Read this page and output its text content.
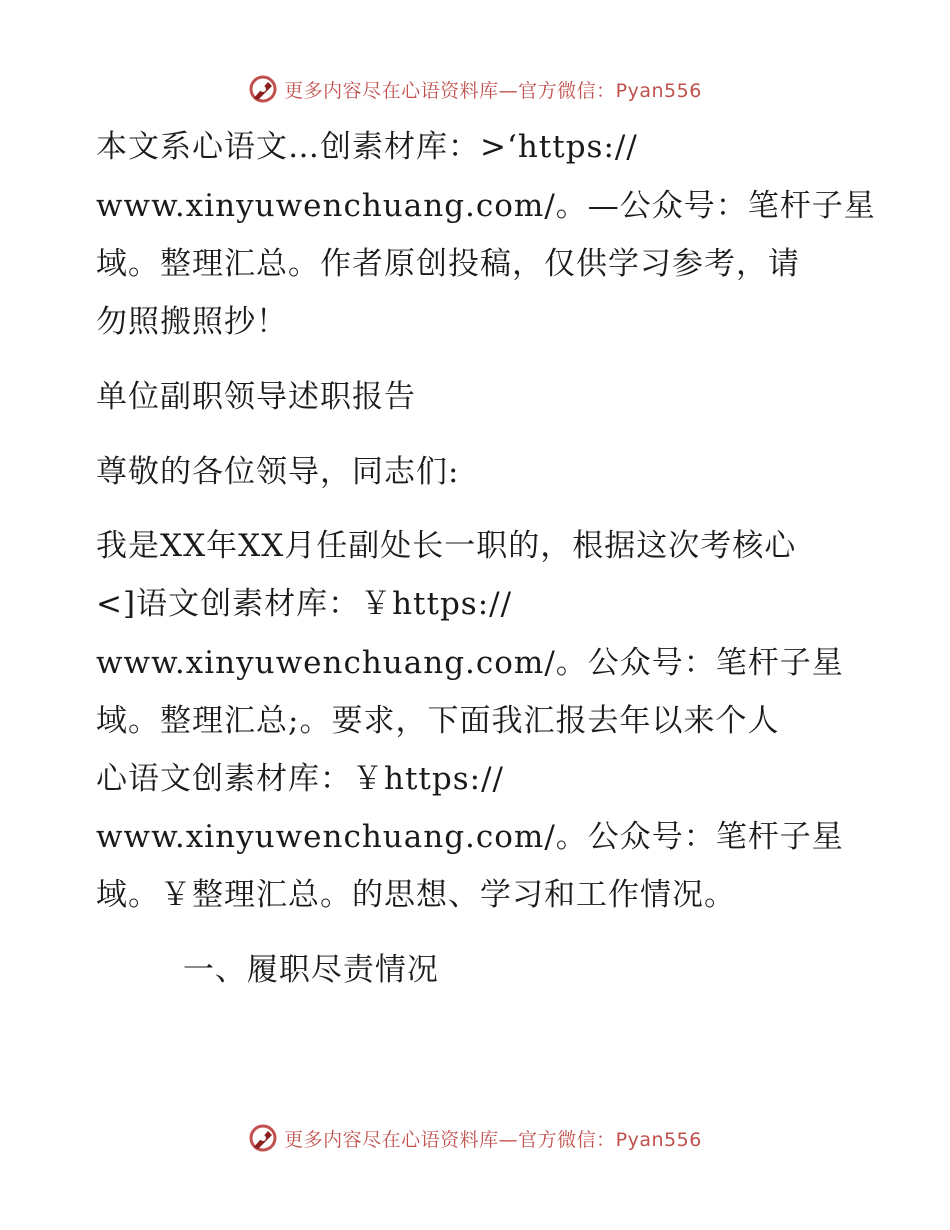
更多内容尽在心语资料库—官方微信：Pyan556
本文系心语文…创素材库：>‘https://
www.xinyuwenchuang.com/。—公众号：笔杆子星
域。整理汇总。作者原创投稿，仅供学习参考，请
勿照搬照抄！
单位副职领导述职报告
尊敬的各位领导，同志们:
我是XX年XX月任副处长一职的，根据这次考核心
<]语文创素材库：￥https://
www.xinyuwenchuang.com/。公众号：笔杆子星
域。整理汇总;。要求，下面我汇报去年以来个人
心语文创素材库：￥https://
www.xinyuwenchuang.com/。公众号：笔杆子星
域。￥整理汇总。的思想、学习和工作情况。
一、履职尽责情况
更多内容尽在心语资料库—官方微信：Pyan556
